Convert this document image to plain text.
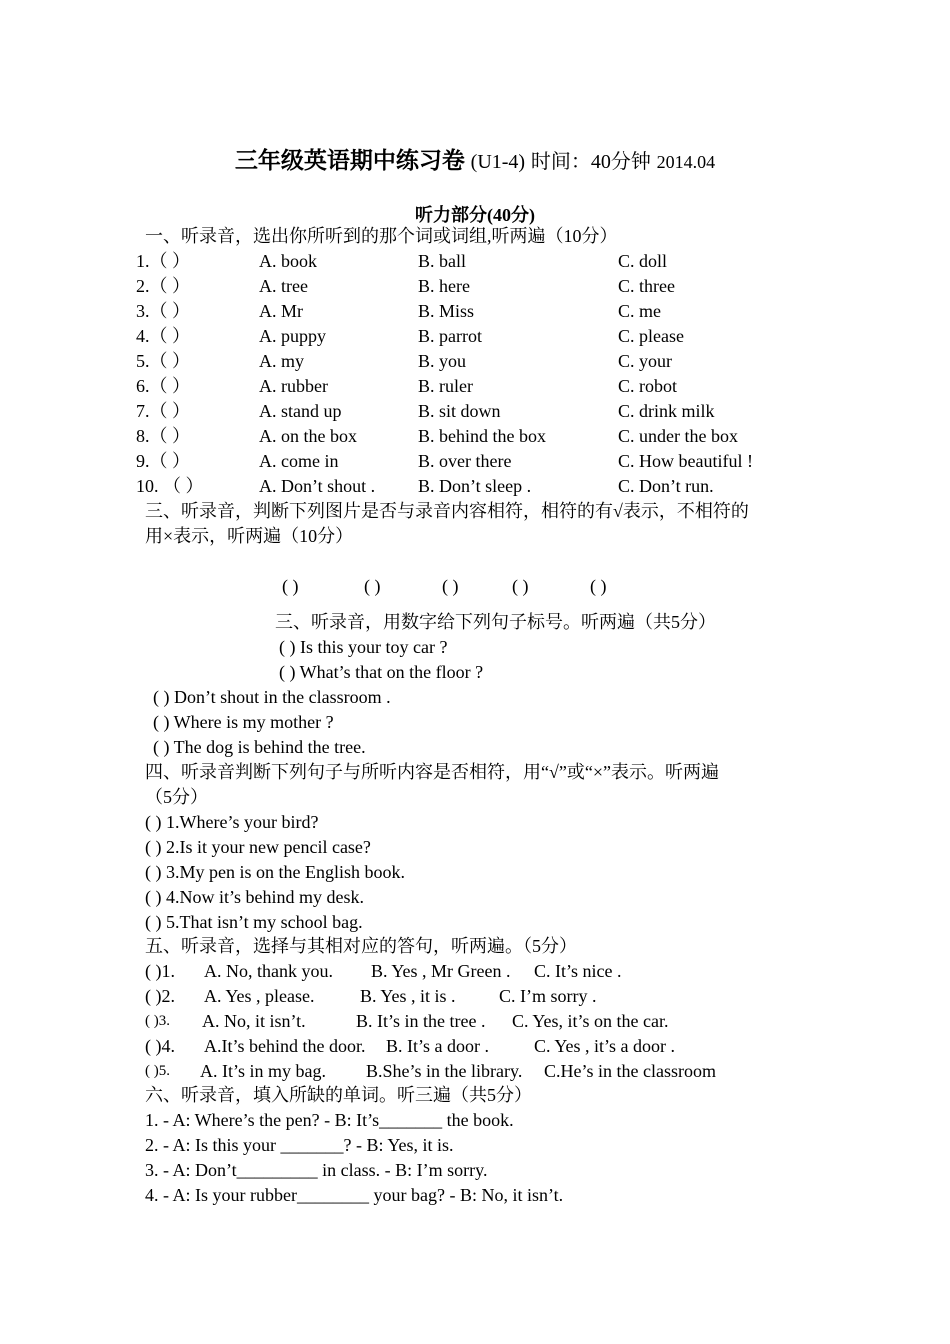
三年级英语期中练习卷 (U1-4) 时间：40分钟 2014.04
听力部分(40分)
一、听录音，选出你所听到的那个词或词组,听两遍（10分）
1.（ ）	A. book	B. ball	C. doll
2.（ ）	A. tree	B. here	C. three
3.（ ）	A. Mr	B. Miss	C. me
4.（ ）	A. puppy	B. parrot	C. please
5.（ ）	A. my	B. you	C. your
6.（ ）	A. rubber	B. ruler	C. robot
7.（ ）	A. stand up	B. sit down	C. drink milk
8.（ ）	A. on the box	B. behind the box	C. under the box
9.（ ）	A. come in	B. over there	C. How beautiful !
10. （ ）	A. Don’t shout . B. Don’t sleep .	C. Don’t run.
三、听录音，判断下列图片是否与录音内容相符，相符的有√表示，不相符的
用×表示，听两遍（10分）
( )	( )	( )	( )	( )
三、听录音，用数字给下列句子标号。听两遍（共5分）
( ) Is this your toy car ?
( ) What’s that on the floor ?
( ) Don’t shout in the classroom .
( ) Where is my mother ?
( ) The dog is behind the tree.
四、听录音判断下列句子与所听内容是否相符，用“√”或“×”表示。听两遍
（5分）
( ) 1.Where’s your bird?
( ) 2.Is it your new pencil case?
( ) 3.My pen is on the English book.
( ) 4.Now it’s behind my desk.
( ) 5.That isn’t my school bag.
五、听录音，选择与其相对应的答句，听两遍。（5分）
( )1. A. No, thank you. B. Yes , Mr Green . C. It’s nice .
( )2. A. Yes , please.	B. Yes , it is . C. I’m sorry .
( )3. A. No, it isn’t.	B. It’s in the tree . C. Yes, it’s on the car.
( )4. A.It’s behind the door. B. It’s a door .	C. Yes , it’s a door .
( )5. A. It’s in my bag. B.She’s in the library. C.He’s in the classroom
六、听录音，填入所缺的单词。听三遍（共5分）
1. - A: Where’s the pen? - B: It’s_______ the book.
2. - A: Is this your _______? - B: Yes, it is.
3. - A: Don’t_________ in class. - B: I’m sorry.
4. - A: Is your rubber________ your bag? - B: No, it isn’t.
